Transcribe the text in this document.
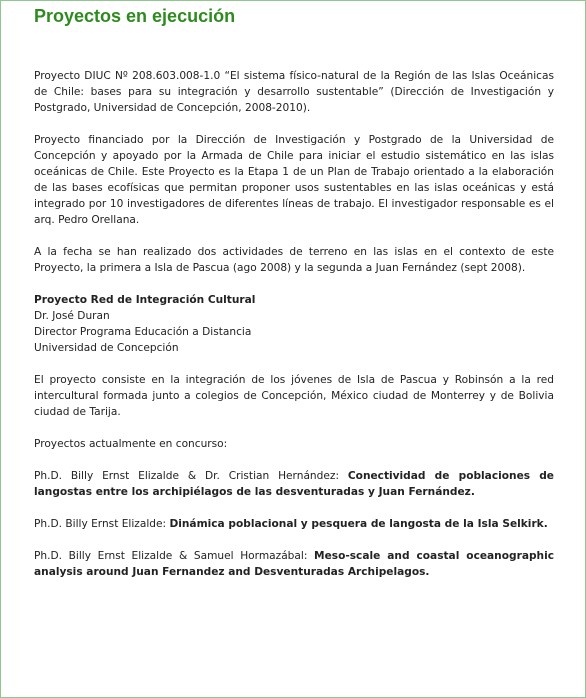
Proyectos en ejecución

Proyecto DIUC Nº 208.603.008-1.0 “El sistema físico-natural de la Región de las Islas Oceánicas de Chile: bases para su integración y desarrollo sustentable” (Dirección de Investigación y Postgrado, Universidad de Concepción, 2008-2010).

Proyecto financiado por la Dirección de Investigación y Postgrado de la Universidad de Concepción y apoyado por la Armada de Chile para iniciar el estudio sistemático en las islas oceánicas de Chile. Este Proyecto es la Etapa 1 de un Plan de Trabajo orientado a la elaboración de las bases ecofísicas que permitan proponer usos sustentables en las islas oceánicas y está integrado por 10 investigadores de diferentes líneas de trabajo. El investigador responsable es el arq. Pedro Orellana.

A la fecha se han realizado dos actividades de terreno en las islas en el contexto de este Proyecto, la primera a Isla de Pascua (ago 2008) y la segunda a Juan Fernández (sept 2008).

Proyecto Red de Integración Cultural
Dr. José Duran
Director Programa Educación a Distancia
Universidad de Concepción

El proyecto consiste en la integración de los jóvenes de Isla de Pascua y Robinsón a la red intercultural formada junto a colegios de Concepción, México ciudad de Monterrey y de Bolivia ciudad de Tarija.

Proyectos actualmente en concurso:

Ph.D. Billy Ernst Elizalde & Dr. Cristian Hernández: Conectividad de poblaciones de langostas entre los archipiélagos de las desventuradas y Juan Fernández.

Ph.D. Billy Ernst Elizalde: Dinámica poblacional y pesquera de langosta de la Isla Selkirk.

Ph.D. Billy Ernst Elizalde & Samuel Hormazábal: Meso-scale and coastal oceanographic analysis around Juan Fernandez and Desventuradas Archipelagos.
